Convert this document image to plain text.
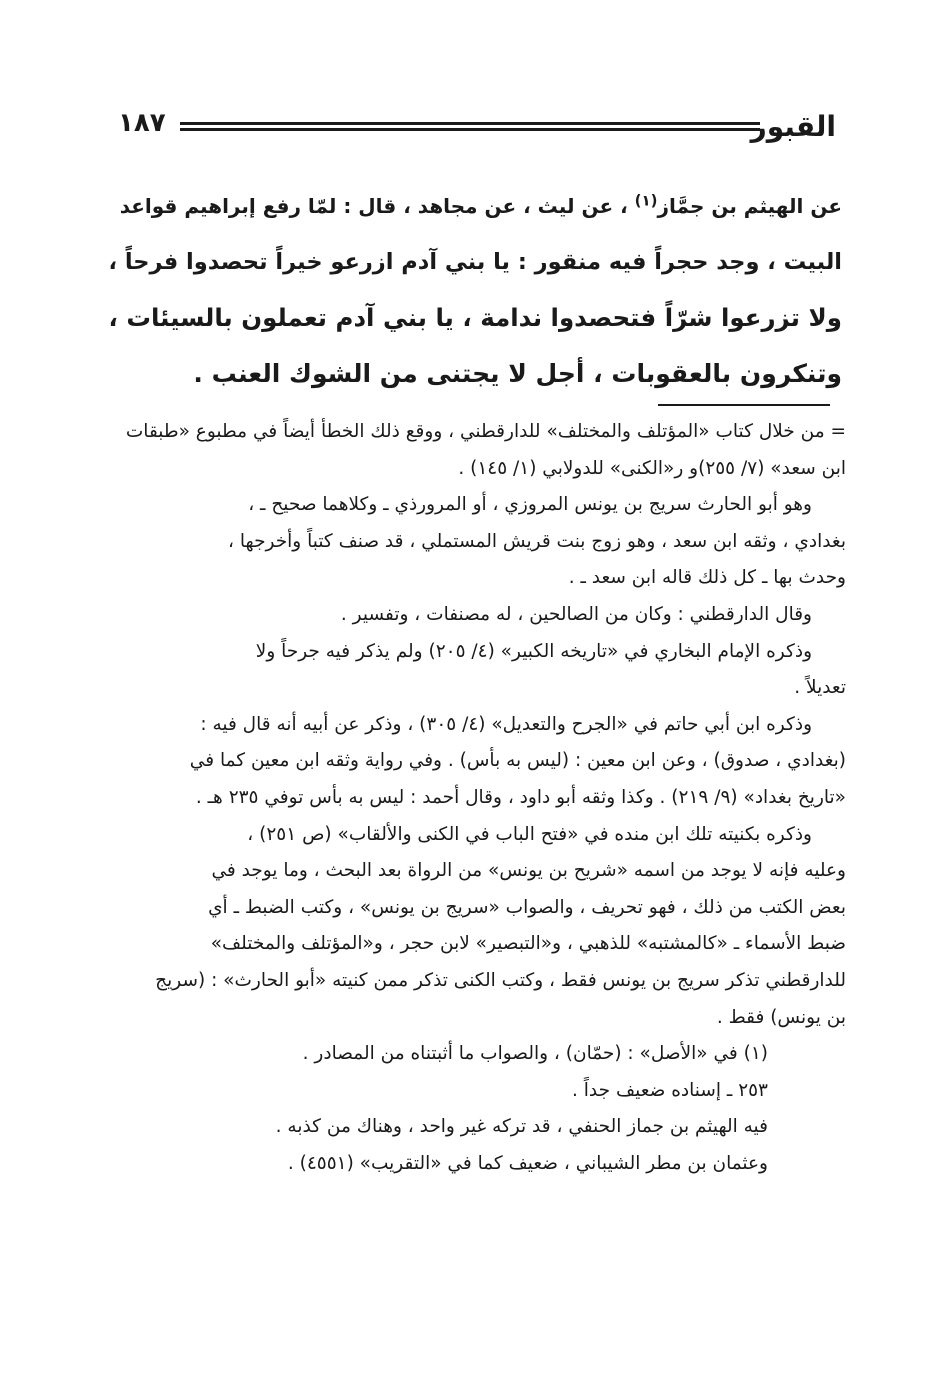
١٨٧	القبور
عن الهيثم بن جمَّاز$^{(١)}$ ، عن ليث ، عن مجاهد ، قال : لمّا رفع إبراهيم قواعد
البيت ، وجد حجراً فيه منقور : يا بني آدم ازرعو خيراً تحصدوا فرحاً ،
ولا تزرعوا شرّاً فتحصدوا ندامة ، يا بني آدم تعملون بالسيئات ،
وتنكرون بالعقوبات ، أجل لا يجتنى من الشوك العنب .
= من خلال كتاب «المؤتلف والمختلف» للدارقطني ، ووقع ذلك الخطأ أيضاً في مطبوع «طبقات
ابن سعد» (٧/ ٢٥٥)و ر«الكنى» للدولابي (١/ ١٤٥) .
وهو أبو الحارث سريج بن يونس المروزي ، أو المرورذي ـ وكلاهما صحيح ـ ،
بغدادي ، وثقه ابن سعد ، وهو زوج بنت قريش المستملي ، قد صنف كتباً وأخرجها ،
وحدث بها ـ كل ذلك قاله ابن سعد ـ .
وقال الدارقطني : وكان من الصالحين ، له مصنفات ، وتفسير .
وذكره الإمام البخاري في «تاريخه الكبير» (٤/ ٢٠٥) ولم يذكر فيه جرحاً ولا
تعديلاً .
وذكره ابن أبي حاتم في «الجرح والتعديل» (٤/ ٣٠٥) ، وذكر عن أبيه أنه قال فيه :
(بغدادي ، صدوق) ، وعن ابن معين : (ليس به بأس) . وفي رواية وثقه ابن معين كما في
«تاريخ بغداد» (٩/ ٢١٩) . وكذا وثقه أبو داود ، وقال أحمد : ليس به بأس توفي ٢٣٥ هـ .
وذكره بكنيته تلك ابن منده في «فتح الباب في الكنى والألقاب» (ص ٢٥١) ،
وعليه فإنه لا يوجد من اسمه «شريح بن يونس» من الرواة بعد البحث ، وما يوجد في
بعض الكتب من ذلك ، فهو تحريف ، والصواب «سريج بن يونس» ، وكتب الضبط ـ أي
ضبط الأسماء ـ «كالمشتبه» للذهبي ، و«التبصير» لابن حجر ، و«المؤتلف والمختلف»
للدارقطني تذكر سريج بن يونس فقط ، وكتب الكنى تذكر ممن كنيته «أبو الحارث» : (سريج
بن يونس) فقط .
(١) في «الأصل» : (حمّان) ، والصواب ما أثبتناه من المصادر .
٢٥٣ ـ إسناده ضعيف جداً .
فيه الهيثم بن جماز الحنفي ، قد تركه غير واحد ، وهناك من كذبه .
وعثمان بن مطر الشيباني ، ضعيف كما في «التقريب» (٤٥٥١) .
